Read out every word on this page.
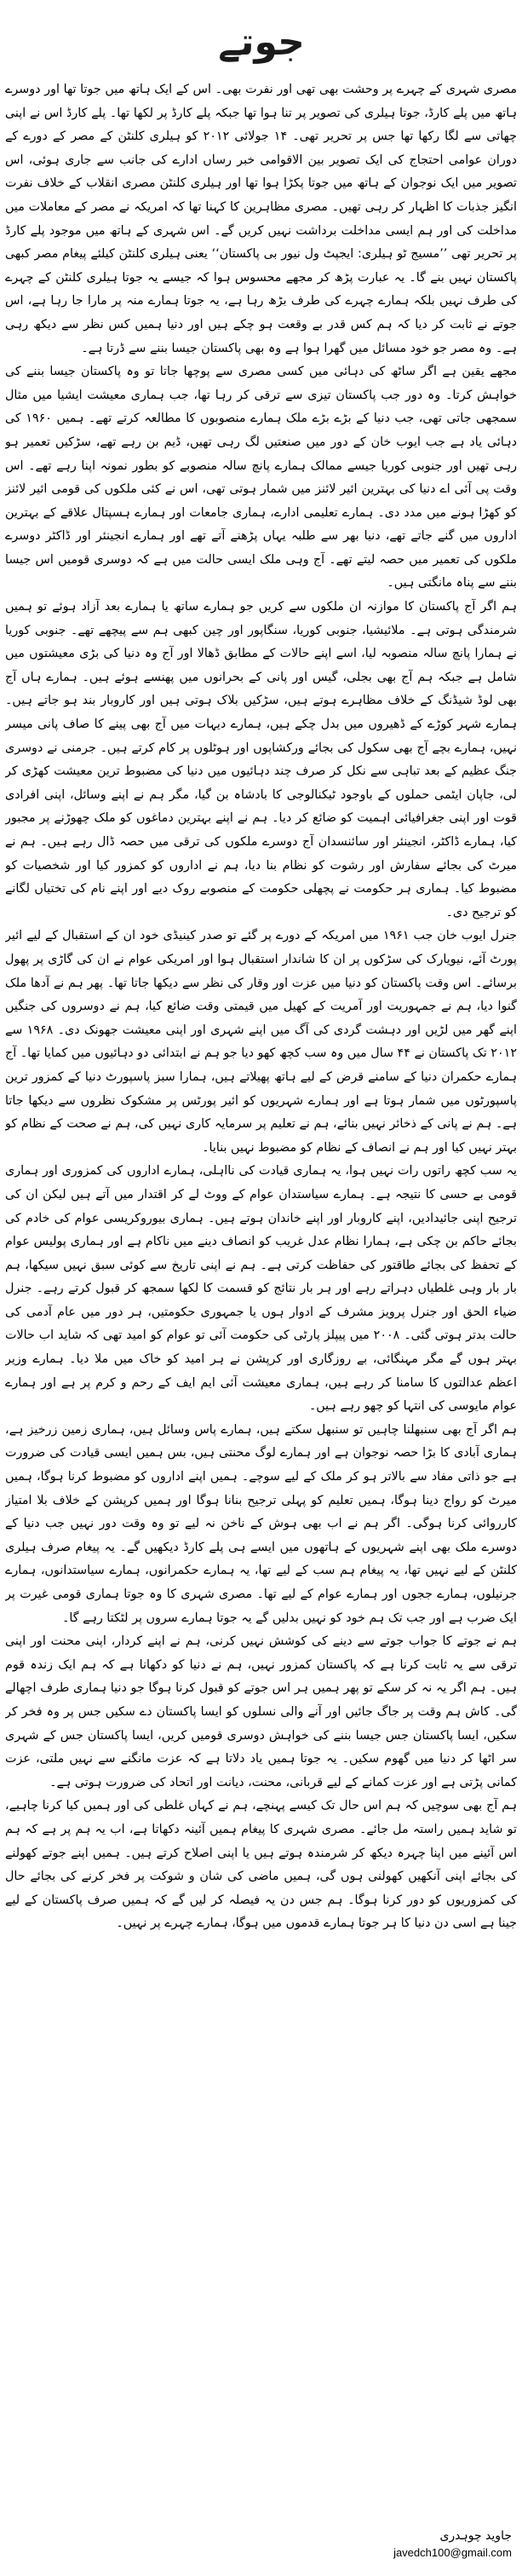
جوتے

مصری شہری کے چہرے پر وحشت بھی تھی اور نفرت بھی۔ اس کے ایک ہاتھ میں جوتا تھا اور دوسرے ہاتھ میں پلے کارڈ، جوتا ہیلری کی تصویر پر تنا ہوا تھا جبکہ پلے کارڈ پر لکھا تھا۔ پلے کارڈ اس نے اپنی چھاتی سے لگا رکھا تھا جس پر تحریر تھی۔ ۱۴ جولائی ۲۰۱۲ کو ہیلری کلنٹن کے مصر کے دورے کے دوران عوامی احتجاج کی ایک تصویر بین الاقوامی خبر رساں ادارے کی جانب سے جاری ہوئی، اس تصویر میں ایک نوجوان کے ہاتھ میں جوتا پکڑا ہوا تھا اور ہیلری کلنٹن مصری انقلاب کے خلاف نفرت انگیز جذبات کا اظہار کر رہی تھیں۔ مصری مظاہرین کا کہنا تھا کہ امریکہ نے مصر کے معاملات میں مداخلت کی اور ہم ایسی مداخلت برداشت نہیں کریں گے۔ اس شہری کے ہاتھ میں موجود پلے کارڈ پر تحریر تھی ’’مسیج ٹو ہیلری: ایجپٹ ول نیور بی پاکستان‘‘ یعنی ہیلری کلنٹن کیلئے پیغام مصر کبھی پاکستان نہیں بنے گا۔ یہ عبارت پڑھ کر مجھے محسوس ہوا کہ جیسے یہ جوتا ہیلری کلنٹن کے چہرے کی طرف نہیں بلکہ ہمارے چہرے کی طرف بڑھ رہا ہے، یہ جوتا ہمارے منہ پر مارا جا رہا ہے، اس جوتے نے ثابت کر دیا کہ ہم کس قدر بے وقعت ہو چکے ہیں اور دنیا ہمیں کس نظر سے دیکھ رہی ہے۔ وہ مصر جو خود مسائل میں گھرا ہوا ہے وہ بھی پاکستان جیسا بننے سے ڈرتا ہے۔

مجھے یقین ہے اگر ساٹھ کی دہائی میں کسی مصری سے پوچھا جاتا تو وہ پاکستان جیسا بننے کی خواہش کرتا۔ وہ دور جب پاکستان تیزی سے ترقی کر رہا تھا، جب ہماری معیشت ایشیا میں مثال سمجھی جاتی تھی، جب دنیا کے بڑے بڑے ملک ہمارے منصوبوں کا مطالعہ کرتے تھے۔ ہمیں ۱۹۶۰ کی دہائی یاد ہے جب ایوب خان کے دور میں صنعتیں لگ رہی تھیں، ڈیم بن رہے تھے، سڑکیں تعمیر ہو رہی تھیں اور جنوبی کوریا جیسے ممالک ہمارے پانچ سالہ منصوبے کو بطور نمونہ اپنا رہے تھے۔ اس وقت پی آئی اے دنیا کی بہترین ائیر لائنز میں شمار ہوتی تھی، اس نے کئی ملکوں کی قومی ائیر لائنز کو کھڑا ہونے میں مدد دی۔ ہمارے تعلیمی ادارے، ہماری جامعات اور ہمارے ہسپتال علاقے کے بہترین اداروں میں گنے جاتے تھے، دنیا بھر سے طلبہ یہاں پڑھنے آتے تھے اور ہمارے انجینئر اور ڈاکٹر دوسرے ملکوں کی تعمیر میں حصہ لیتے تھے۔ آج وہی ملک ایسی حالت میں ہے کہ دوسری قومیں اس جیسا بننے سے پناہ مانگتی ہیں۔

ہم اگر آج پاکستان کا موازنہ ان ملکوں سے کریں جو ہمارے ساتھ یا ہمارے بعد آزاد ہوئے تو ہمیں شرمندگی ہوتی ہے۔ ملائیشیا، جنوبی کوریا، سنگاپور اور چین کبھی ہم سے پیچھے تھے۔ جنوبی کوریا نے ہمارا پانچ سالہ منصوبہ لیا، اسے اپنے حالات کے مطابق ڈھالا اور آج وہ دنیا کی بڑی معیشتوں میں شامل ہے جبکہ ہم آج بھی بجلی، گیس اور پانی کے بحرانوں میں پھنسے ہوئے ہیں۔ ہمارے ہاں آج بھی لوڈ شیڈنگ کے خلاف مظاہرے ہوتے ہیں، سڑکیں بلاک ہوتی ہیں اور کاروبار بند ہو جاتے ہیں۔ ہمارے شہر کوڑے کے ڈھیروں میں بدل چکے ہیں، ہمارے دیہات میں آج بھی پینے کا صاف پانی میسر نہیں، ہمارے بچے آج بھی سکول کی بجائے ورکشاپوں اور ہوٹلوں پر کام کرتے ہیں۔ جرمنی نے دوسری جنگ عظیم کے بعد تباہی سے نکل کر صرف چند دہائیوں میں دنیا کی مضبوط ترین معیشت کھڑی کر لی، جاپان ایٹمی حملوں کے باوجود ٹیکنالوجی کا بادشاہ بن گیا، مگر ہم نے اپنے وسائل، اپنی افرادی قوت اور اپنی جغرافیائی اہمیت کو ضائع کر دیا۔ ہم نے اپنے بہترین دماغوں کو ملک چھوڑنے پر مجبور کیا، ہمارے ڈاکٹر، انجینئر اور سائنسدان آج دوسرے ملکوں کی ترقی میں حصہ ڈال رہے ہیں۔ ہم نے میرٹ کی بجائے سفارش اور رشوت کو نظام بنا دیا، ہم نے اداروں کو کمزور کیا اور شخصیات کو مضبوط کیا۔ ہماری ہر حکومت نے پچھلی حکومت کے منصوبے روک دیے اور اپنے نام کی تختیاں لگانے کو ترجیح دی۔

جنرل ایوب خان جب ۱۹۶۱ میں امریکہ کے دورے پر گئے تو صدر کینیڈی خود ان کے استقبال کے لیے ائیر پورٹ آئے، نیویارک کی سڑکوں پر ان کا شاندار استقبال ہوا اور امریکی عوام نے ان کی گاڑی پر پھول برسائے۔ اس وقت پاکستان کو دنیا میں عزت اور وقار کی نظر سے دیکھا جاتا تھا۔ پھر ہم نے آدھا ملک گنوا دیا، ہم نے جمہوریت اور آمریت کے کھیل میں قیمتی وقت ضائع کیا، ہم نے دوسروں کی جنگیں اپنے گھر میں لڑیں اور دہشت گردی کی آگ میں اپنے شہری اور اپنی معیشت جھونک دی۔ ۱۹۶۸ سے ۲۰۱۲ تک پاکستان نے ۴۴ سال میں وہ سب کچھ کھو دیا جو ہم نے ابتدائی دو دہائیوں میں کمایا تھا۔ آج ہمارے حکمران دنیا کے سامنے قرض کے لیے ہاتھ پھیلاتے ہیں، ہمارا سبز پاسپورٹ دنیا کے کمزور ترین پاسپورٹوں میں شمار ہوتا ہے اور ہمارے شہریوں کو ائیر پورٹس پر مشکوک نظروں سے دیکھا جاتا ہے۔ ہم نے پانی کے ذخائر نہیں بنائے، ہم نے تعلیم پر سرمایہ کاری نہیں کی، ہم نے صحت کے نظام کو بہتر نہیں کیا اور ہم نے انصاف کے نظام کو مضبوط نہیں بنایا۔

یہ سب کچھ راتوں رات نہیں ہوا، یہ ہماری قیادت کی نااہلی، ہمارے اداروں کی کمزوری اور ہماری قومی بے حسی کا نتیجہ ہے۔ ہمارے سیاستدان عوام کے ووٹ لے کر اقتدار میں آتے ہیں لیکن ان کی ترجیح اپنی جائیدادیں، اپنے کاروبار اور اپنے خاندان ہوتے ہیں۔ ہماری بیوروکریسی عوام کی خادم کی بجائے حاکم بن چکی ہے، ہمارا نظام عدل غریب کو انصاف دینے میں ناکام ہے اور ہماری پولیس عوام کے تحفظ کی بجائے طاقتور کی حفاظت کرتی ہے۔ ہم نے اپنی تاریخ سے کوئی سبق نہیں سیکھا، ہم بار بار وہی غلطیاں دہراتے رہے اور ہر بار نتائج کو قسمت کا لکھا سمجھ کر قبول کرتے رہے۔ جنرل ضیاء الحق اور جنرل پرویز مشرف کے ادوار ہوں یا جمہوری حکومتیں، ہر دور میں عام آدمی کی حالت بدتر ہوتی گئی۔ ۲۰۰۸ میں پیپلز پارٹی کی حکومت آئی تو عوام کو امید تھی کہ شاید اب حالات بہتر ہوں گے مگر مہنگائی، بے روزگاری اور کرپشن نے ہر امید کو خاک میں ملا دیا۔ ہمارے وزیر اعظم عدالتوں کا سامنا کر رہے ہیں، ہماری معیشت آئی ایم ایف کے رحم و کرم پر ہے اور ہمارے عوام مایوسی کی انتہا کو چھو رہے ہیں۔

ہم اگر آج بھی سنبھلنا چاہیں تو سنبھل سکتے ہیں، ہمارے پاس وسائل ہیں، ہماری زمین زرخیز ہے، ہماری آبادی کا بڑا حصہ نوجوان ہے اور ہمارے لوگ محنتی ہیں، بس ہمیں ایسی قیادت کی ضرورت ہے جو ذاتی مفاد سے بالاتر ہو کر ملک کے لیے سوچے۔ ہمیں اپنے اداروں کو مضبوط کرنا ہوگا، ہمیں میرٹ کو رواج دینا ہوگا، ہمیں تعلیم کو پہلی ترجیح بنانا ہوگا اور ہمیں کرپشن کے خلاف بلا امتیاز کارروائی کرنا ہوگی۔ اگر ہم نے اب بھی ہوش کے ناخن نہ لیے تو وہ وقت دور نہیں جب دنیا کے دوسرے ملک بھی اپنے شہریوں کے ہاتھوں میں ایسے ہی پلے کارڈ دیکھیں گے۔ یہ پیغام صرف ہیلری کلنٹن کے لیے نہیں تھا، یہ پیغام ہم سب کے لیے تھا، یہ ہمارے حکمرانوں، ہمارے سیاستدانوں، ہمارے جرنیلوں، ہمارے ججوں اور ہمارے عوام کے لیے تھا۔ مصری شہری کا وہ جوتا ہماری قومی غیرت پر ایک ضرب ہے اور جب تک ہم خود کو نہیں بدلیں گے یہ جوتا ہمارے سروں پر لٹکتا رہے گا۔

ہم نے جوتے کا جواب جوتے سے دینے کی کوشش نہیں کرنی، ہم نے اپنے کردار، اپنی محنت اور اپنی ترقی سے یہ ثابت کرنا ہے کہ پاکستان کمزور نہیں، ہم نے دنیا کو دکھانا ہے کہ ہم ایک زندہ قوم ہیں۔ ہم اگر یہ نہ کر سکے تو پھر ہمیں ہر اس جوتے کو قبول کرنا ہوگا جو دنیا ہماری طرف اچھالے گی۔ کاش ہم وقت پر جاگ جائیں اور آنے والی نسلوں کو ایسا پاکستان دے سکیں جس پر وہ فخر کر سکیں، ایسا پاکستان جس جیسا بننے کی خواہش دوسری قومیں کریں، ایسا پاکستان جس کے شہری سر اٹھا کر دنیا میں گھوم سکیں۔ یہ جوتا ہمیں یاد دلاتا ہے کہ عزت مانگنے سے نہیں ملتی، عزت کمانی پڑتی ہے اور عزت کمانے کے لیے قربانی، محنت، دیانت اور اتحاد کی ضرورت ہوتی ہے۔

ہم آج بھی سوچیں کہ ہم اس حال تک کیسے پہنچے، ہم نے کہاں غلطی کی اور ہمیں کیا کرنا چاہیے، تو شاید ہمیں راستہ مل جائے۔ مصری شہری کا پیغام ہمیں آئینہ دکھاتا ہے، اب یہ ہم پر ہے کہ ہم اس آئینے میں اپنا چہرہ دیکھ کر شرمندہ ہوتے ہیں یا اپنی اصلاح کرتے ہیں۔ ہمیں اپنے جوتے کھولنے کی بجائے اپنی آنکھیں کھولنی ہوں گی، ہمیں ماضی کی شان و شوکت پر فخر کرنے کی بجائے حال کی کمزوریوں کو دور کرنا ہوگا۔ ہم جس دن یہ فیصلہ کر لیں گے کہ ہمیں صرف پاکستان کے لیے جینا ہے اسی دن دنیا کا ہر جوتا ہمارے قدموں میں ہوگا، ہمارے چہرے پر نہیں۔

جاوید چوہدری
javedch100@gmail.com
